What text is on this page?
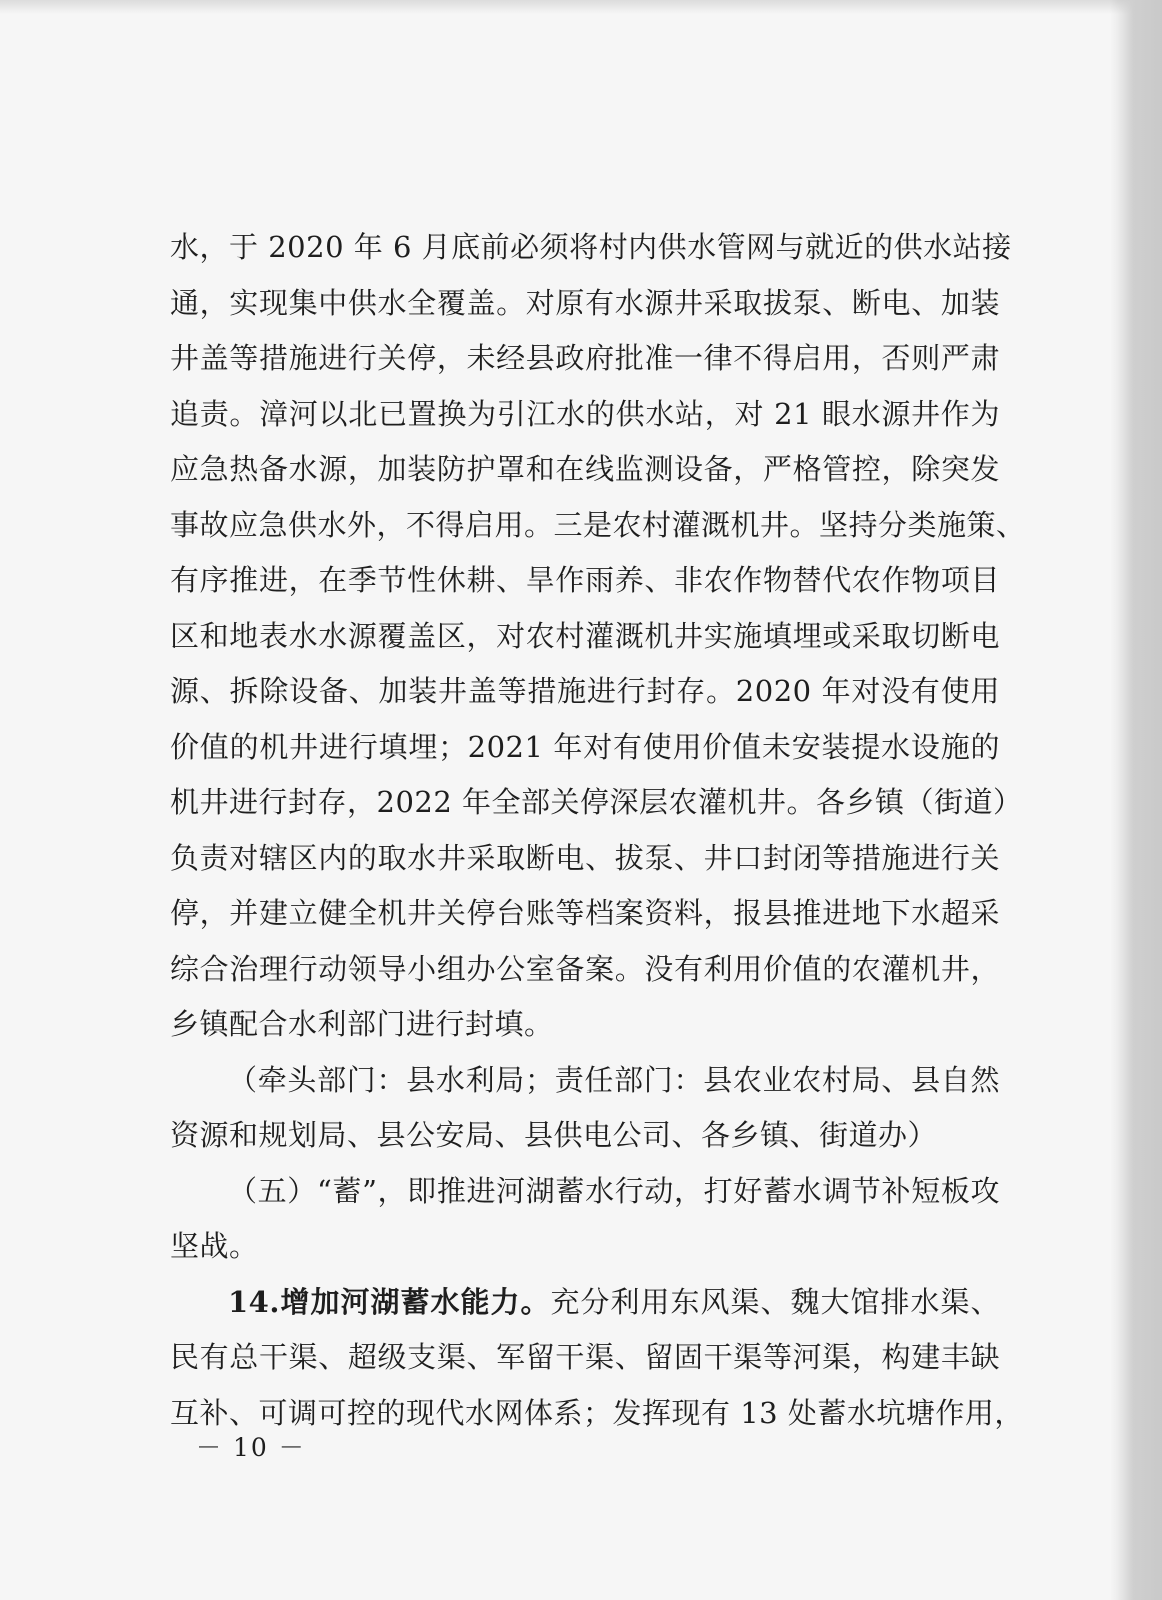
水，于 2020 年 6 月底前必须将村内供水管网与就近的供水站接
通，实现集中供水全覆盖。对原有水源井采取拔泵、断电、加装
井盖等措施进行关停，未经县政府批准一律不得启用，否则严肃
追责。漳河以北已置换为引江水的供水站，对 21 眼水源井作为
应急热备水源，加装防护罩和在线监测设备，严格管控，除突发
事故应急供水外，不得启用。三是农村灌溉机井。坚持分类施策、
有序推进，在季节性休耕、旱作雨养、非农作物替代农作物项目
区和地表水水源覆盖区，对农村灌溉机井实施填埋或采取切断电
源、拆除设备、加装井盖等措施进行封存。2020 年对没有使用
价值的机井进行填埋；2021 年对有使用价值未安装提水设施的
机井进行封存，2022 年全部关停深层农灌机井。各乡镇（街道）
负责对辖区内的取水井采取断电、拔泵、井口封闭等措施进行关
停，并建立健全机井关停台账等档案资料，报县推进地下水超采
综合治理行动领导小组办公室备案。没有利用价值的农灌机井，
乡镇配合水利部门进行封填。
（牵头部门：县水利局；责任部门：县农业农村局、县自然
资源和规划局、县公安局、县供电公司、各乡镇、街道办）
（五）“蓄”，即推进河湖蓄水行动，打好蓄水调节补短板攻
坚战。
14.增加河湖蓄水能力。充分利用东风渠、魏大馆排水渠、
民有总干渠、超级支渠、军留干渠、留固干渠等河渠，构建丰缺
互补、可调可控的现代水网体系；发挥现有 13 处蓄水坑塘作用，
－ 10 －
